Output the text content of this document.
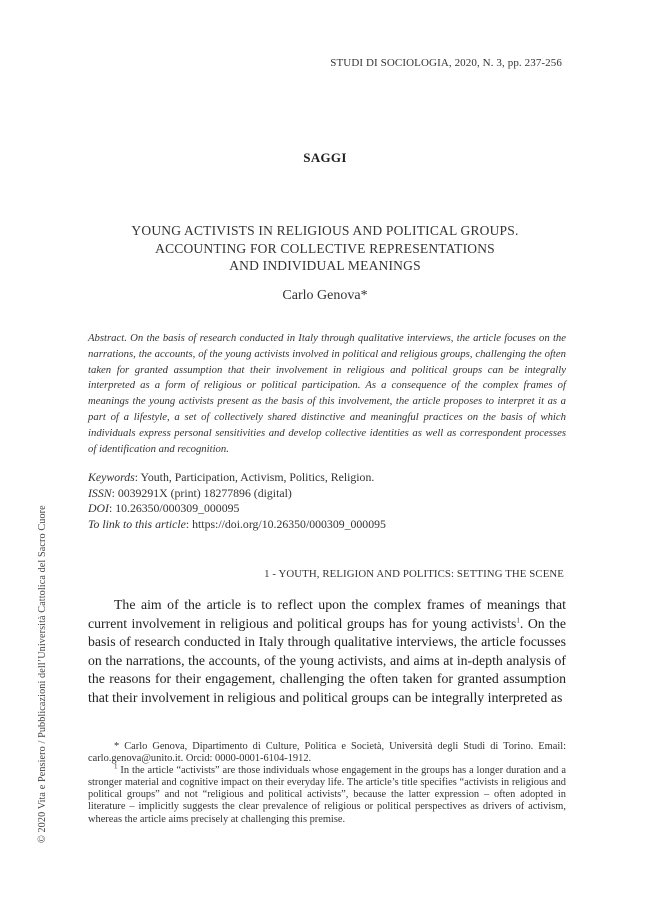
STUDI DI SOCIOLOGIA, 2020, N. 3, pp. 237-256
SAGGI
YOUNG ACTIVISTS IN RELIGIOUS AND POLITICAL GROUPS.
ACCOUNTING FOR COLLECTIVE REPRESENTATIONS
AND INDIVIDUAL MEANINGS
Carlo Genova*
Abstract. On the basis of research conducted in Italy through qualitative interviews, the article focuses on the narrations, the accounts, of the young activists involved in political and religious groups, challenging the often taken for granted assumption that their involvement in religious and political groups can be integrally interpreted as a form of religious or political participation. As a consequence of the complex frames of meanings the young activists present as the basis of this involvement, the article proposes to interpret it as a part of a lifestyle, a set of collectively shared distinctive and meaningful practices on the basis of which individuals express personal sensitivities and develop collective identities as well as correspondent processes of identification and recognition.
Keywords: Youth, Participation, Activism, Politics, Religion.
ISSN: 0039291X (print) 18277896 (digital)
DOI: 10.26350/000309_000095
To link to this article: https://doi.org/10.26350/000309_000095
1 - YOUTH, RELIGION AND POLITICS: SETTING THE SCENE

The aim of the article is to reflect upon the complex frames of meanings that current involvement in religious and political groups has for young activists$^1$. On the basis of research conducted in Italy through qualitative interviews, the article focusses on the narrations, the accounts, of the young activists, and aims at in-depth analysis of the reasons for their engagement, challenging the often taken for granted assumption that their involvement in religious and political groups can be integrally interpreted as

* Carlo Genova, Dipartimento di Culture, Politica e Società, Università degli Studi di Torino. Email: carlo.genova@unito.it. Orcid: 0000-0001-6104-1912.

$^1$ In the article “activists” are those individuals whose engagement in the groups has a longer duration and a stronger material and cognitive impact on their everyday life. The article’s title specifies “activists in religious and political groups” and not “religious and political activists”, because the latter expression – often adopted in literature – implicitly suggests the clear prevalence of religious or political perspectives as drivers of activism, whereas the article aims precisely at challenging this premise.

© 2020 Vita e Pensiero / Pubblicazioni dell’Università Cattolica del Sacro Cuore
